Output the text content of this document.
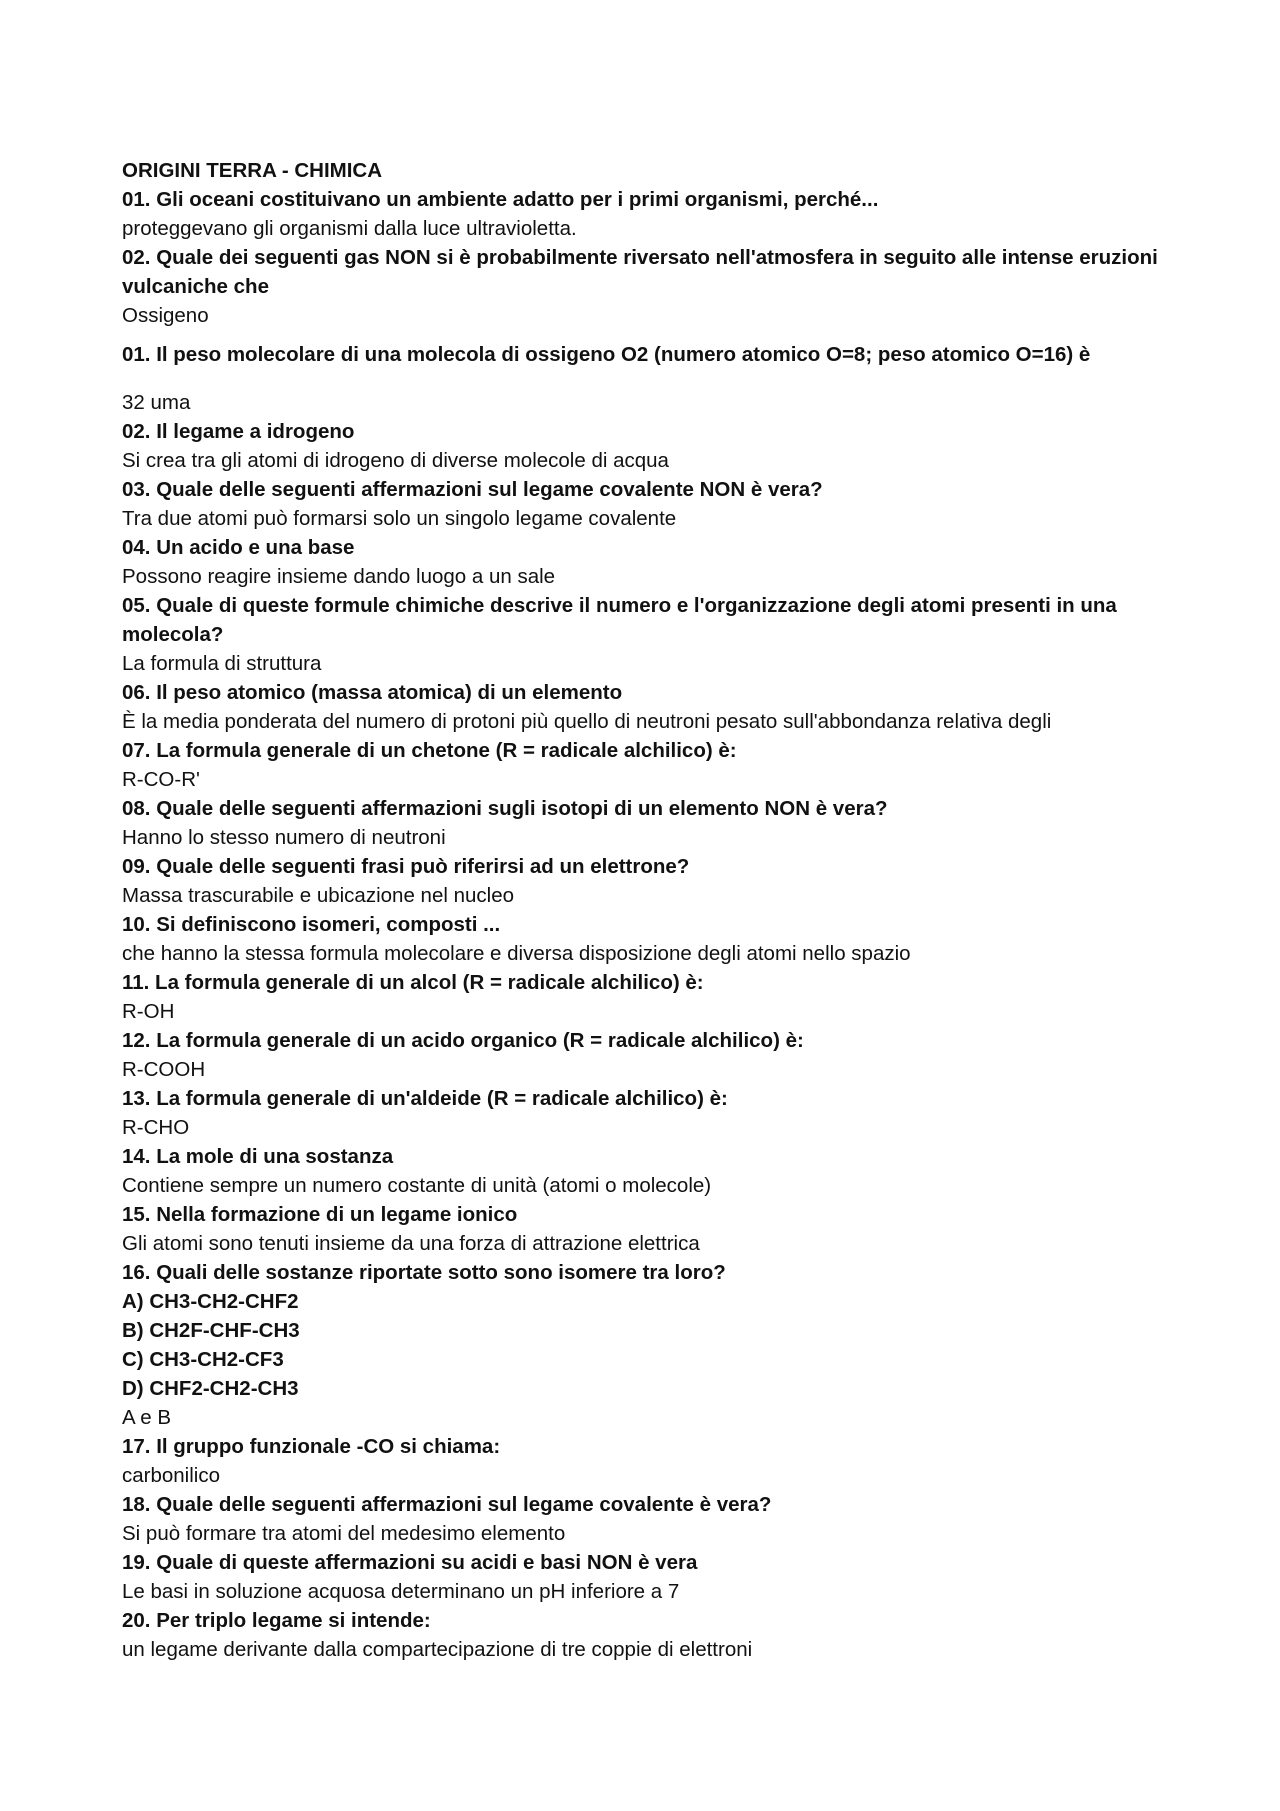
ORIGINI TERRA - CHIMICA

01. Gli oceani costituivano un ambiente adatto per i primi organismi, perché...

proteggevano gli organismi dalla luce ultravioletta.

02. Quale dei seguenti gas NON si è probabilmente riversato nell'atmosfera in seguito alle intense eruzioni vulcaniche che

Ossigeno

01. Il peso molecolare di una molecola di ossigeno O2 (numero atomico O=8; peso atomico O=16) è

32 uma

02. Il legame a idrogeno

Si crea tra gli atomi di idrogeno di diverse molecole di acqua

03. Quale delle seguenti affermazioni sul legame covalente NON è vera?

Tra due atomi può formarsi solo un singolo legame covalente

04. Un acido e una base

Possono reagire insieme dando luogo a un sale

05. Quale di queste formule chimiche descrive il numero e l'organizzazione degli atomi presenti in una molecola?

La formula di struttura

06. Il peso atomico (massa atomica) di un elemento

È la media ponderata del numero di protoni più quello di neutroni pesato sull'abbondanza relativa degli

07. La formula generale di un chetone (R = radicale alchilico) è:

R-CO-R'

08. Quale delle seguenti affermazioni sugli isotopi di un elemento NON è vera?

Hanno lo stesso numero di neutroni

09. Quale delle seguenti frasi può riferirsi ad un elettrone?

Massa trascurabile e ubicazione nel nucleo

10. Si definiscono isomeri, composti ...

che hanno la stessa formula molecolare e diversa disposizione degli atomi nello spazio

11. La formula generale di un alcol (R = radicale alchilico) è:

R-OH

12. La formula generale di un acido organico (R = radicale alchilico) è:

R-COOH

13. La formula generale di un'aldeide (R = radicale alchilico) è:

R-CHO

14. La mole di una sostanza

Contiene sempre un numero costante di unità (atomi o molecole)

15. Nella formazione di un legame ionico

Gli atomi sono tenuti insieme da una forza di attrazione elettrica

16. Quali delle sostanze riportate sotto sono isomere tra loro?

A) CH3-CH2-CHF2

B) CH2F-CHF-CH3

C) CH3-CH2-CF3

D) CHF2-CH2-CH3

A e B

17. Il gruppo funzionale -CO si chiama:

carbonilico

18. Quale delle seguenti affermazioni sul legame covalente è vera?

Si può formare tra atomi del medesimo elemento

19. Quale di queste affermazioni su acidi e basi NON è vera

Le basi in soluzione acquosa determinano un pH inferiore a 7

20. Per triplo legame si intende:

un legame derivante dalla compartecipazione di tre coppie di elettroni
